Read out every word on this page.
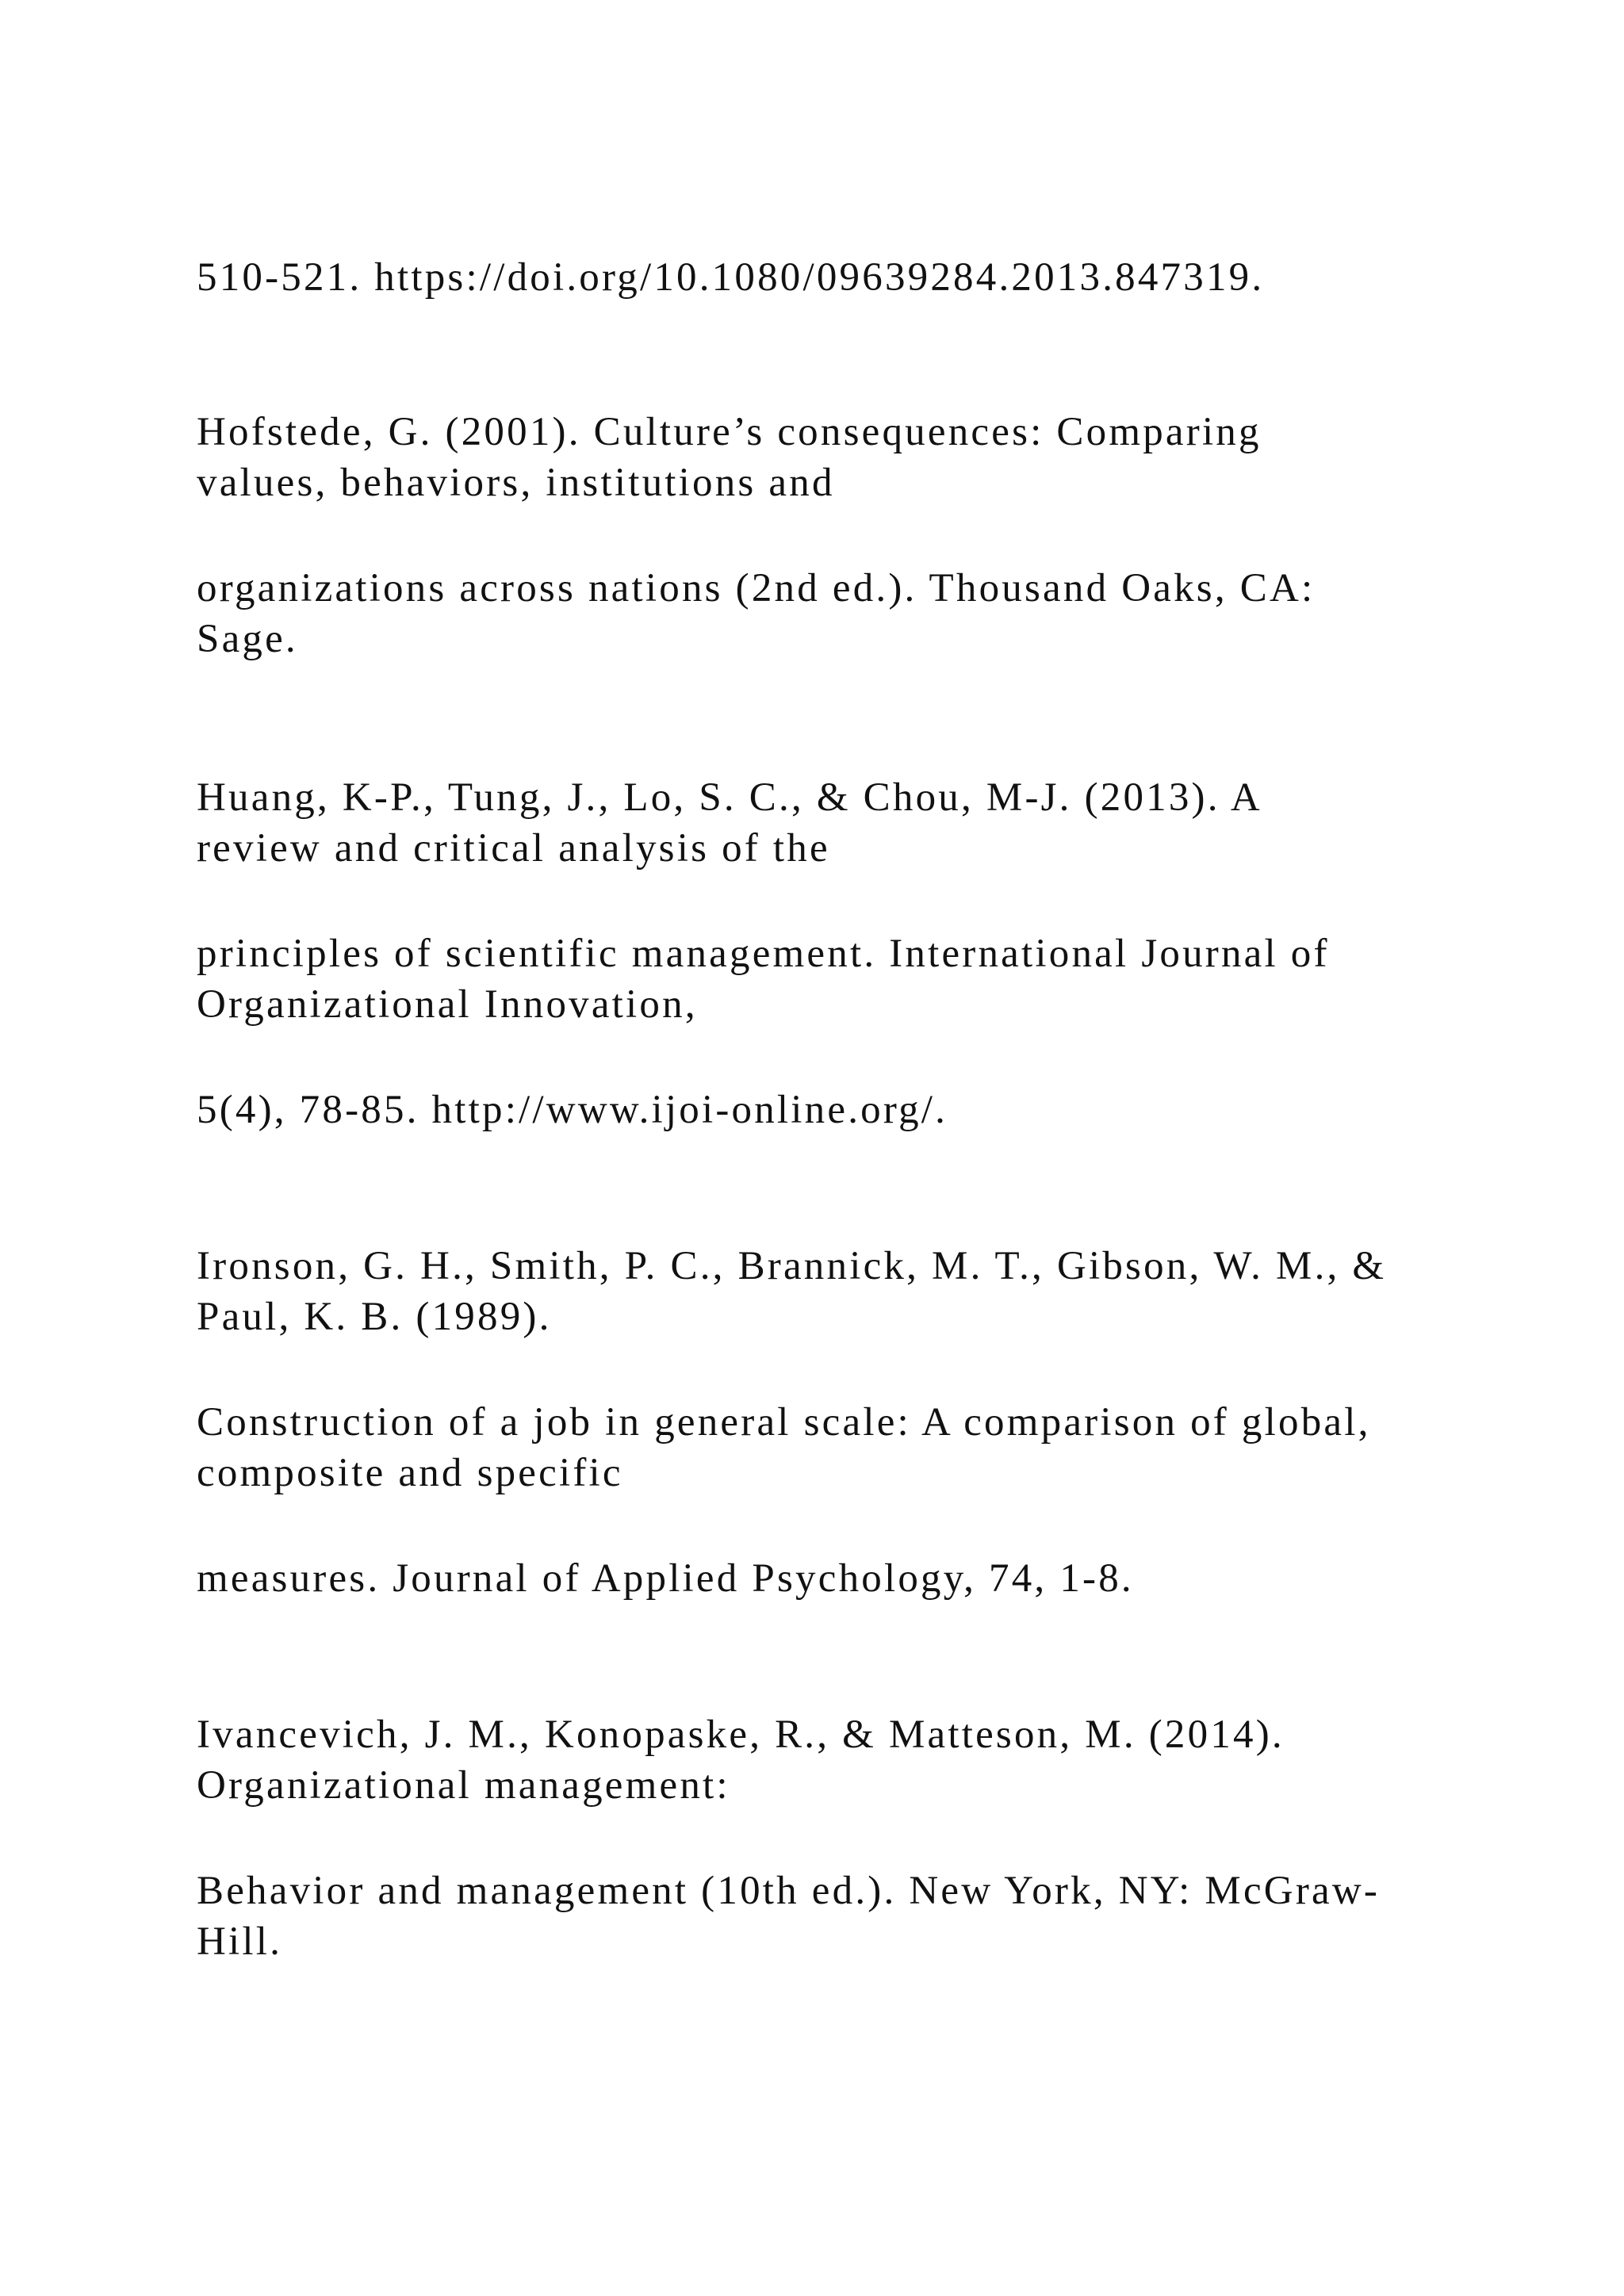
510-521. https://doi.org/10.1080/09639284.2013.847319.
Hofstede, G. (2001). Culture’s consequences: Comparing
values, behaviors, institutions and
organizations across nations (2nd ed.). Thousand Oaks, CA:
Sage.
Huang, K-P., Tung, J., Lo, S. C., & Chou, M-J. (2013). A
review and critical analysis of the
principles of scientific management. International Journal of
Organizational Innovation,
5(4), 78-85. http://www.ijoi-online.org/.
Ironson, G. H., Smith, P. C., Brannick, M. T., Gibson, W. M., &
Paul, K. B. (1989).
Construction of a job in general scale: A comparison of global,
composite and specific
measures. Journal of Applied Psychology, 74, 1-8.
Ivancevich, J. M., Konopaske, R., & Matteson, M. (2014).
Organizational management:
Behavior and management (10th ed.). New York, NY: McGraw-
Hill.
